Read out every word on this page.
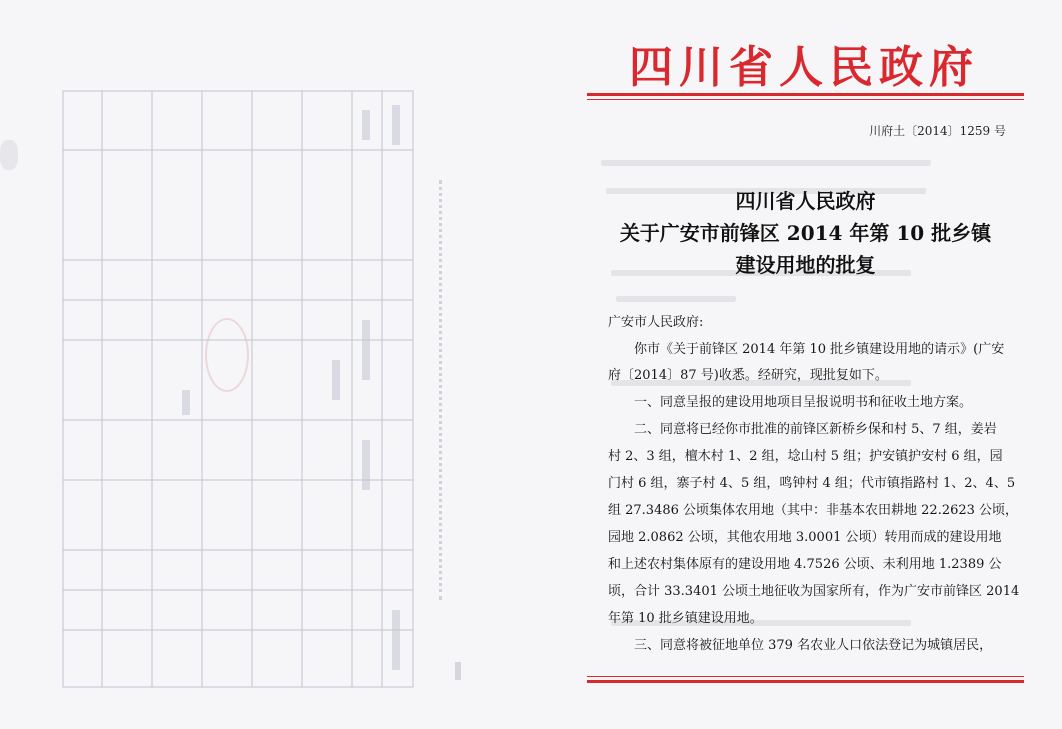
四川省人民政府
川府土〔2014〕1259 号
四川省人民政府
关于广安市前锋区 2014 年第 10 批乡镇
建设用地的批复
广安市人民政府:
你市《关于前锋区 2014 年第 10 批乡镇建设用地的请示》(广安
府〔2014〕87 号)收悉。经研究，现批复如下。
一、同意呈报的建设用地项目呈报说明书和征收土地方案。
二、同意将已经你市批准的前锋区新桥乡保和村 5、7 组，姜岩
村 2、3 组，檀木村 1、2 组，埝山村 5 组；护安镇护安村 6 组，园
门村 6 组，寨子村 4、5 组，鸣钟村 4 组；代市镇指路村 1、2、4、5
组 27.3486 公顷集体农用地（其中：非基本农田耕地 22.2623 公顷，
园地 2.0862 公顷，其他农用地 3.0001 公顷）转用而成的建设用地
和上述农村集体原有的建设用地 4.7526 公顷、未利用地 1.2389 公
顷，合计 33.3401 公顷土地征收为国家所有，作为广安市前锋区 2014
年第 10 批乡镇建设用地。
三、同意将被征地单位 379 名农业人口依法登记为城镇居民，
